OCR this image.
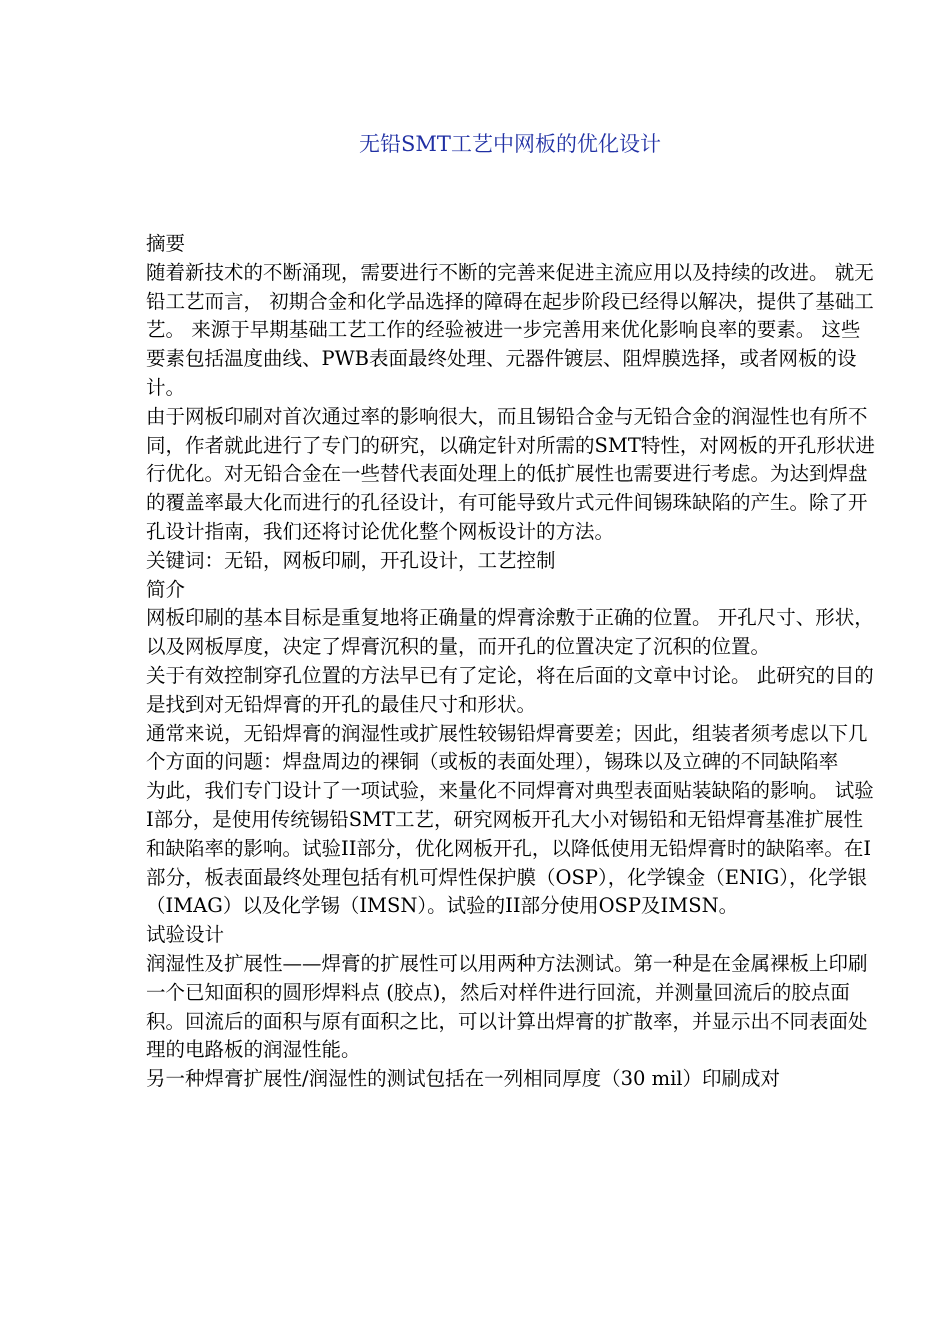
无铅SMT工艺中网板的优化设计

摘要

随着新技术的不断涌现，需要进行不断的完善来促进主流应用以及持续的改进。 就无铅工艺而言， 初期合金和化学品选择的障碍在起步阶段已经得以解决，提供了基础工艺。 来源于早期基础工艺工作的经验被进一步完善用来优化影响良率的要素。 这些要素包括温度曲线、PWB表面最终处理、元器件镀层、阻焊膜选择，或者网板的设计。

由于网板印刷对首次通过率的影响很大，而且锡铅合金与无铅合金的润湿性也有所不同，作者就此进行了专门的研究，以确定针对所需的SMT特性，对网板的开孔形状进行优化。对无铅合金在一些替代表面处理上的低扩展性也需要进行考虑。为达到焊盘的覆盖率最大化而进行的孔径设计，有可能导致片式元件间锡珠缺陷的产生。除了开孔设计指南，我们还将讨论优化整个网板设计的方法。

关键词：无铅，网板印刷，开孔设计，工艺控制

简介

网板印刷的基本目标是重复地将正确量的焊膏涂敷于正确的位置。 开孔尺寸、形状，以及网板厚度，决定了焊膏沉积的量，而开孔的位置决定了沉积的位置。

关于有效控制穿孔位置的方法早已有了定论，将在后面的文章中讨论。 此研究的目的是找到对无铅焊膏的开孔的最佳尺寸和形状。

通常来说，无铅焊膏的润湿性或扩展性较锡铅焊膏要差；因此，组装者须考虑以下几个方面的问题：焊盘周边的裸铜（或板的表面处理），锡珠以及立碑的不同缺陷率

为此，我们专门设计了一项试验，来量化不同焊膏对典型表面贴装缺陷的影响。 试验I部分，是使用传统锡铅SMT工艺，研究网板开孔大小对锡铅和无铅焊膏基准扩展性和缺陷率的影响。试验II部分，优化网板开孔，以降低使用无铅焊膏时的缺陷率。在I部分，板表面最终处理包括有机可焊性保护膜（OSP），化学镍金（ENIG），化学银（IMAG）以及化学锡（IMSN）。试验的II部分使用OSP及IMSN。

试验设计

润湿性及扩展性——焊膏的扩展性可以用两种方法测试。第一种是在金属裸板上印刷一个已知面积的圆形焊料点 (胶点)，然后对样件进行回流，并测量回流后的胶点面积。回流后的面积与原有面积之比，可以计算出焊膏的扩散率，并显示出不同表面处理的电路板的润湿性能。

另一种焊膏扩展性/润湿性的测试包括在一列相同厚度（30 mil）印刷成对
